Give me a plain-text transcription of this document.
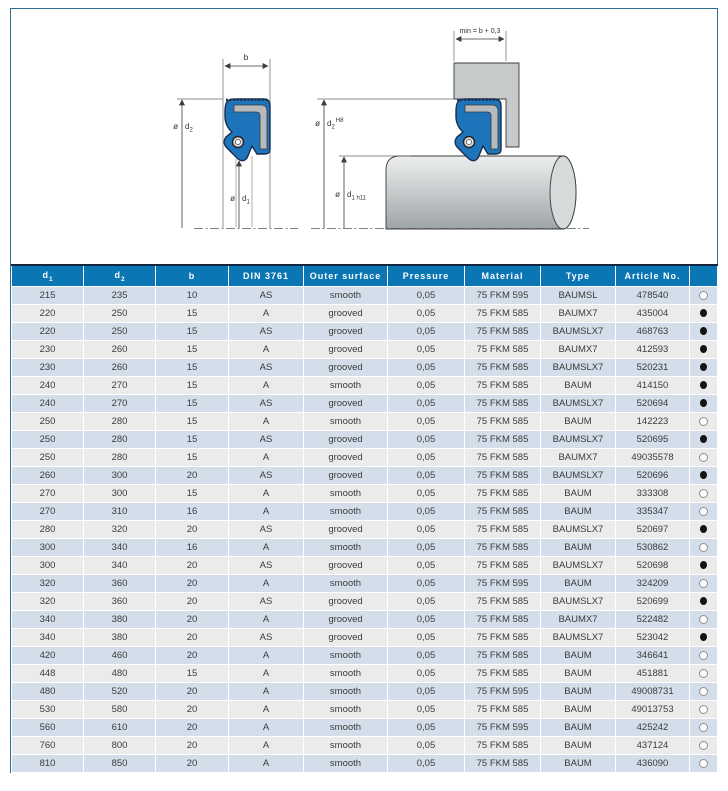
b
ø $d_2$
ø $d_1$
min = b + 0,3
ø $d_2^{H8}$
ø $d_{1 h11}$
$d_1$	$d_2$	b	DIN 3761	Outer surface	Pressure	Material	Type	Article No.	
215	235	10	AS	smooth	0,05	75 FKM 595	BAUMSL	478540	
220	250	15	A	grooved	0,05	75 FKM 585	BAUMX7	435004	
220	250	15	AS	grooved	0,05	75 FKM 585	BAUMSLX7	468763	
230	260	15	A	grooved	0,05	75 FKM 585	BAUMX7	412593	
230	260	15	AS	grooved	0,05	75 FKM 585	BAUMSLX7	520231	
240	270	15	A	smooth	0,05	75 FKM 585	BAUM	414150	
240	270	15	AS	grooved	0,05	75 FKM 585	BAUMSLX7	520694	
250	280	15	A	smooth	0,05	75 FKM 585	BAUM	142223	
250	280	15	AS	grooved	0,05	75 FKM 585	BAUMSLX7	520695	
250	280	15	A	grooved	0,05	75 FKM 585	BAUMX7	49035578	
260	300	20	AS	grooved	0,05	75 FKM 585	BAUMSLX7	520696	
270	300	15	A	smooth	0,05	75 FKM 585	BAUM	333308	
270	310	16	A	smooth	0,05	75 FKM 585	BAUM	335347	
280	320	20	AS	grooved	0,05	75 FKM 585	BAUMSLX7	520697	
300	340	16	A	smooth	0,05	75 FKM 585	BAUM	530862	
300	340	20	AS	grooved	0,05	75 FKM 585	BAUMSLX7	520698	
320	360	20	A	smooth	0,05	75 FKM 595	BAUM	324209	
320	360	20	AS	grooved	0,05	75 FKM 585	BAUMSLX7	520699	
340	380	20	A	grooved	0,05	75 FKM 585	BAUMX7	522482	
340	380	20	AS	grooved	0,05	75 FKM 585	BAUMSLX7	523042	
420	460	20	A	smooth	0,05	75 FKM 585	BAUM	346641	
448	480	15	A	smooth	0,05	75 FKM 585	BAUM	451881	
480	520	20	A	smooth	0,05	75 FKM 595	BAUM	49008731	
530	580	20	A	smooth	0,05	75 FKM 585	BAUM	49013753	
560	610	20	A	smooth	0,05	75 FKM 595	BAUM	425242	
760	800	20	A	smooth	0,05	75 FKM 585	BAUM	437124	
810	850	20	A	smooth	0,05	75 FKM 585	BAUM	436090	
